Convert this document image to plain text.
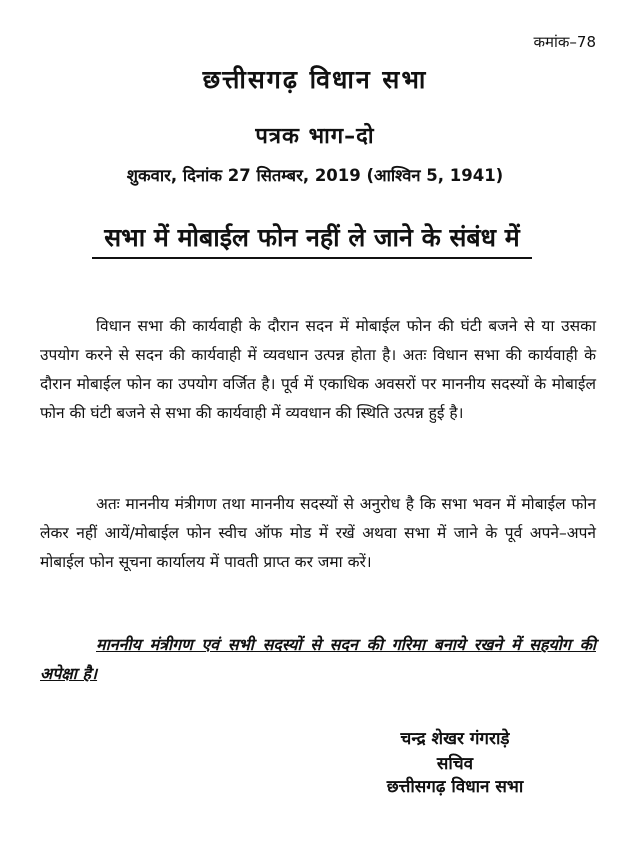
कमांक–78
छत्तीसगढ़ विधान सभा
पत्रक भाग–दो
शुकवार, दिनांक 27 सितम्बर, 2019 (आश्विन 5, 1941)
सभा में मोबाईल फोन नहीं ले जाने के संबंध में

विधान सभा की कार्यवाही के दौरान सदन में मोबाईल फोन की घंटी बजने से या उसका उपयोग करने से सदन की कार्यवाही में व्यवधान उत्पन्न होता है। अतः विधान सभा की कार्यवाही के दौरान मोबाईल फोन का उपयोग वर्जित है। पूर्व में एकाधिक अवसरों पर माननीय सदस्यों के मोबाईल फोन की घंटी बजने से सभा की कार्यवाही में व्यवधान की स्थिति उत्पन्न हुई है।

अतः माननीय मंत्रीगण तथा माननीय सदस्यों से अनुरोध है कि सभा भवन में मोबाईल फोन लेकर नहीं आयें/मोबाईल फोन स्वीच ऑफ मोड में रखें अथवा सभा में जाने के पूर्व अपने–अपने मोबाईल फोन सूचना कार्यालय में पावती प्राप्त कर जमा करें।

माननीय मंत्रीगण एवं सभी सदस्यों से सदन की गरिमा बनाये रखने में सहयोग की अपेक्षा है।

चन्द्र शेखर गंगराड़े
सचिव
छत्तीसगढ़ विधान सभा
